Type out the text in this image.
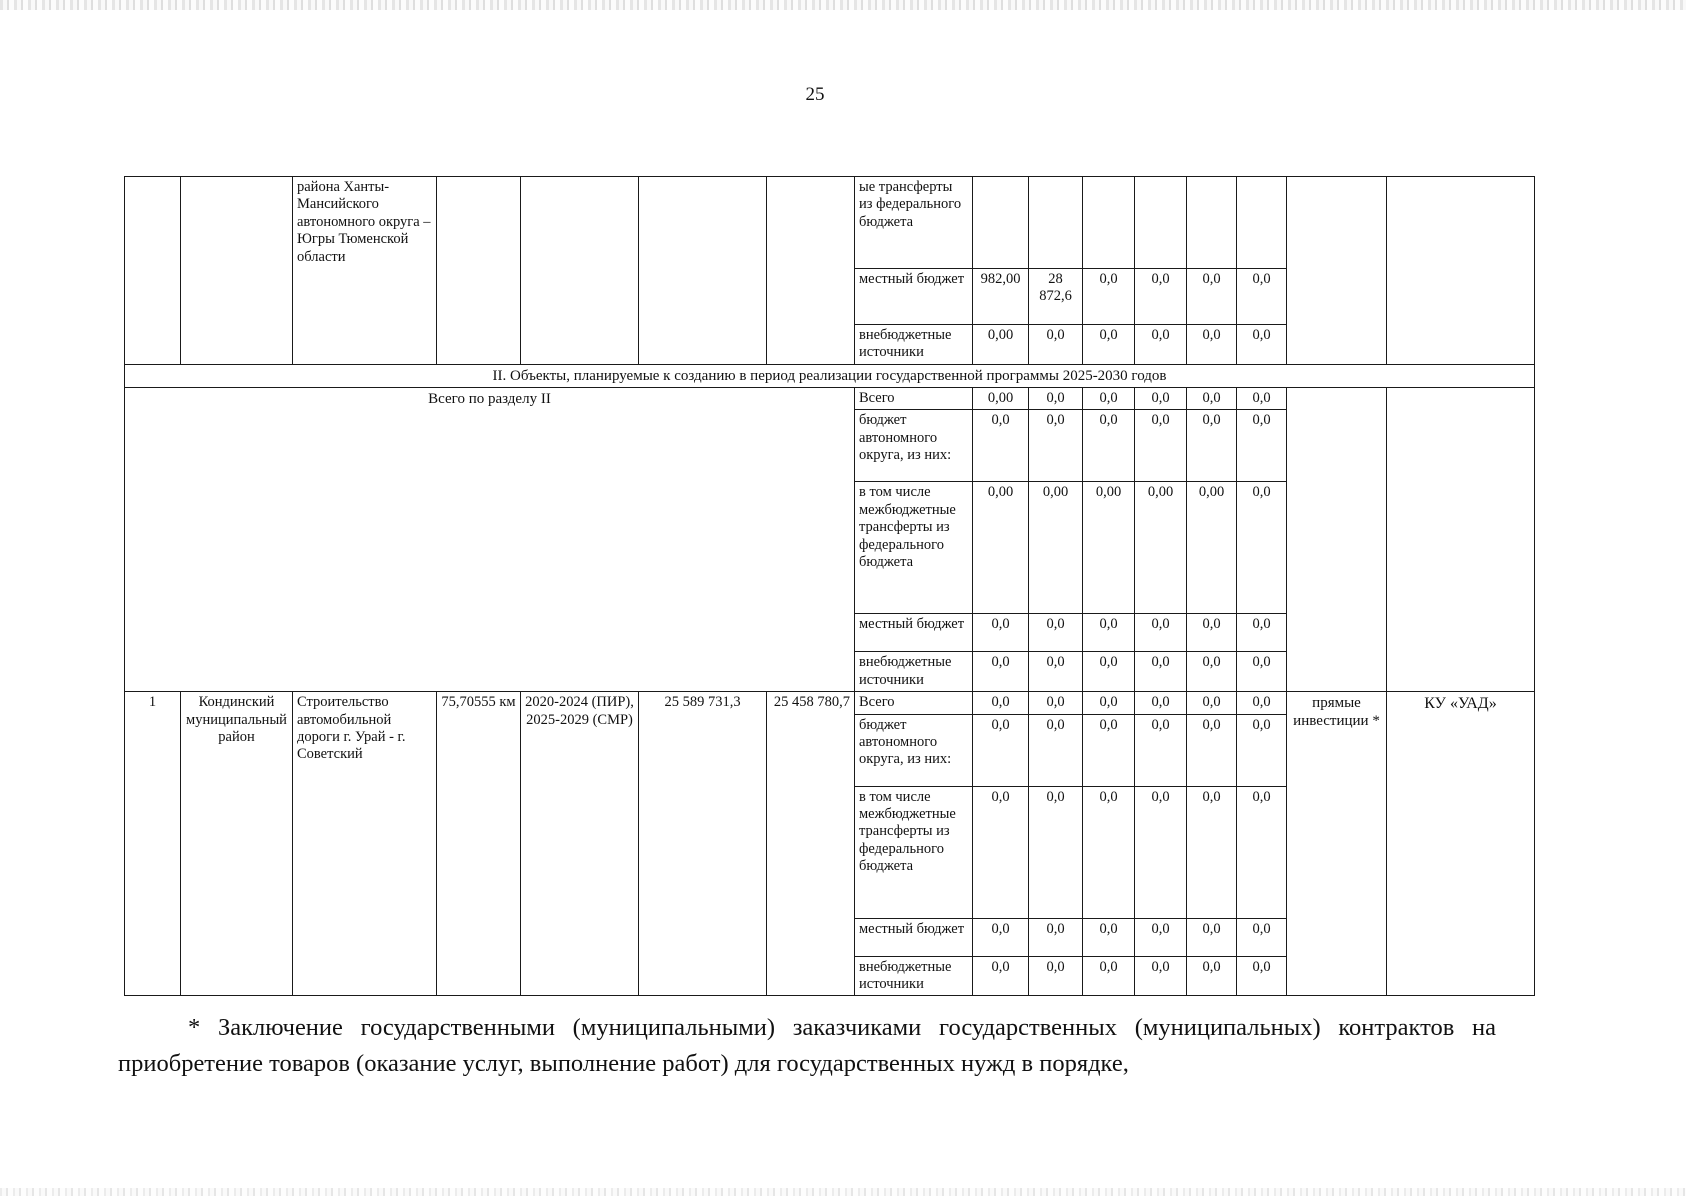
25
		района Ханты-Мансийского автономного округа – Югры Тюменской области					ые трансферты из федерального бюджета								
							местный бюджет	982,00	28 872,6	0,0	0,0	0,0	0,0		
							внебюджетные источники	0,00	0,0	0,0	0,0	0,0	0,0		
II. Объекты, планируемые к созданию в период реализации государственной программы 2025-2030 годов															
Всего по разделу II							Всего	0,00	0,0	0,0	0,0	0,0	0,0		
							бюджет автономного округа, из них:	0,0	0,0	0,0	0,0	0,0	0,0		
							в том числе межбюджетные трансферты из федерального бюджета	0,00	0,00	0,00	0,00	0,00	0,0		
							местный бюджет	0,0	0,0	0,0	0,0	0,0	0,0		
							внебюджетные источники	0,0	0,0	0,0	0,0	0,0	0,0		
1	Кондинский муниципальный район	Строительство автомобильной дороги г. Урай - г. Советский	75,70555 км	2020-2024 (ПИР), 2025-2029 (СМР)	25 589 731,3	25 458 780,7	Всего	0,0	0,0	0,0	0,0	0,0	0,0	прямые инвестиции *	КУ «УАД»
							бюджет автономного округа, из них:	0,0	0,0	0,0	0,0	0,0	0,0		
							в том числе межбюджетные трансферты из федерального бюджета	0,0	0,0	0,0	0,0	0,0	0,0		
							местный бюджет	0,0	0,0	0,0	0,0	0,0	0,0		
							внебюджетные источники	0,0	0,0	0,0	0,0	0,0	0,0		
* Заключение государственными (муниципальными) заказчиками государственных (муниципальных) контрактов на приобретение товаров (оказание услуг, выполнение работ) для государственных нужд в порядке,
